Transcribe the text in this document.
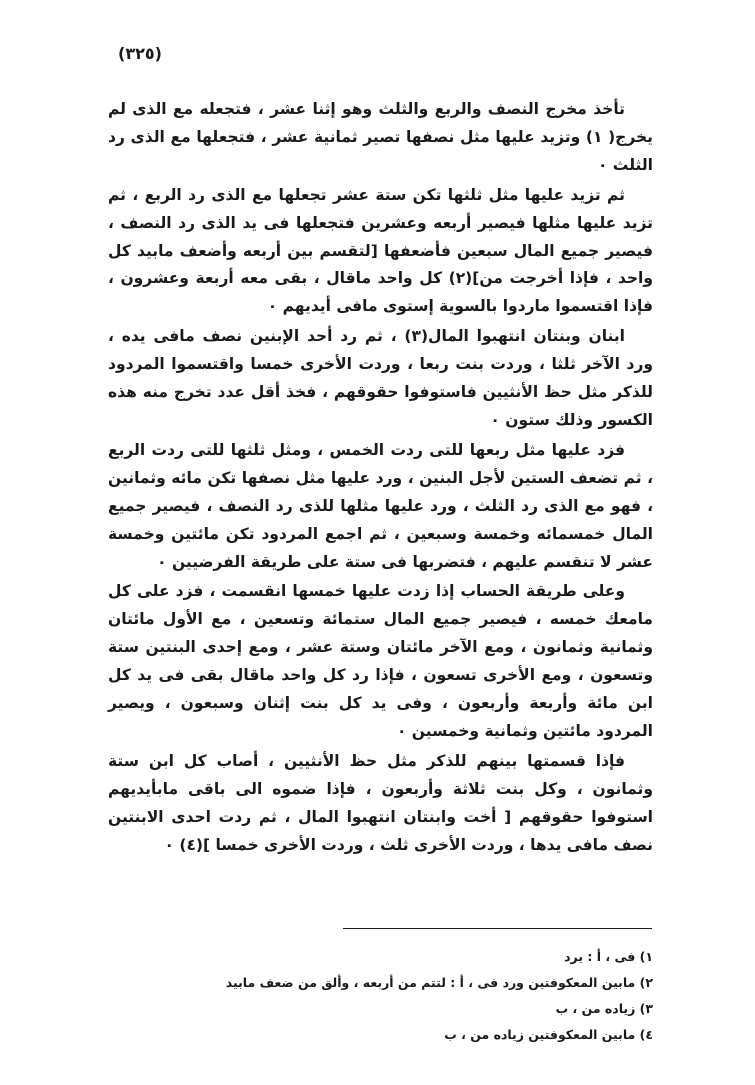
(٣٢٥)

تأخذ مخرج النصف والربع والثلث وهو إثنا عشر ، فتجعله مع الذى لم يخرج( ١) وتزيد عليها مثل نصفها تصير ثمانية عشر ، فتجعلها مع الذى رد الثلث ٠

ثم تزيد عليها مثل ثلثها تكن ستة عشر تجعلها مع الذى رد الربع ، ثم تزيد عليها مثلها فيصير أربعه وعشرين فتجعلها فى يد الذى رد النصف ، فيصير جميع المال سبعين فأضعفها [لتقسم بين أربعه وأضعف مابيد كل واحد ، فإذا أخرجت من](٢) كل واحد ماقال ، بقى معه أربعة وعشرون ، فإذا اقتسموا ماردوا بالسوية إستوى مافى أيديهم ٠

ابنان وبنتان انتهبوا المال(٣) ، ثم رد أحد الإبنين نصف مافى يده ، ورد الآخر ثلثا ، وردت بنت ربعا ، وردت الأخرى خمسا واقتسموا المردود للذكر مثل حظ الأنثيين فاستوفوا حقوقهم ، فخذ أقل عدد تخرج منه هذه الكسور وذلك ستون ٠

فزد عليها مثل ربعها للتى ردت الخمس ، ومثل ثلثها للتى ردت الربع ، ثم تضعف الستين لأجل البنين ، ورد عليها مثل نصفها تكن مائه وثمانين ، فهو مع الذى رد الثلث ، ورد عليها مثلها للذى رد النصف ، فيصير جميع المال خمسمائه وخمسة وسبعين ، ثم اجمع المردود تكن مائتين وخمسة عشر لا تنقسم عليهم ، فتضربها فى ستة على طريقة الفرضيين ٠

وعلى طريقة الحساب إذا زدت عليها خمسها انقسمت ، فزد على كل مامعك خمسه ، فيصير جميع المال ستمائة وتسعين ، مع الأول مائتان وثمانية وثمانون ، ومع الآخر مائتان وستة عشر ، ومع إحدى البنتين ستة وتسعون ، ومع الأخرى تسعون ، فإذا رد كل واحد ماقال بقى فى يد كل ابن مائة وأربعة وأربعون ، وفى يد كل بنت إثنان وسبعون ، ويصير المردود مائتين وثمانية وخمسين ٠

فإذا قسمتها بينهم للذكر مثل حظ الأنثيين ، أصاب كل ابن ستة وثمانون ، وكل بنت ثلاثة وأربعون ، فإذا ضموه الى باقى مابأيديهم استوفوا حقوقهم [ أخت وابنتان انتهبوا المال ، ثم ردت احدى الابنتين نصف مافى يدها ، وردت الأخرى ثلث ، وردت الأخرى خمسا ](٤) ٠

١) فى ، أ : يرد
٢) مابين المعكوفتين ورد فى ، أ : لتتم من أربعه ، وألق من ضعف مابيد
٣) زياده من ، ب
٤) مابين المعكوفتين زياده من ، ب
